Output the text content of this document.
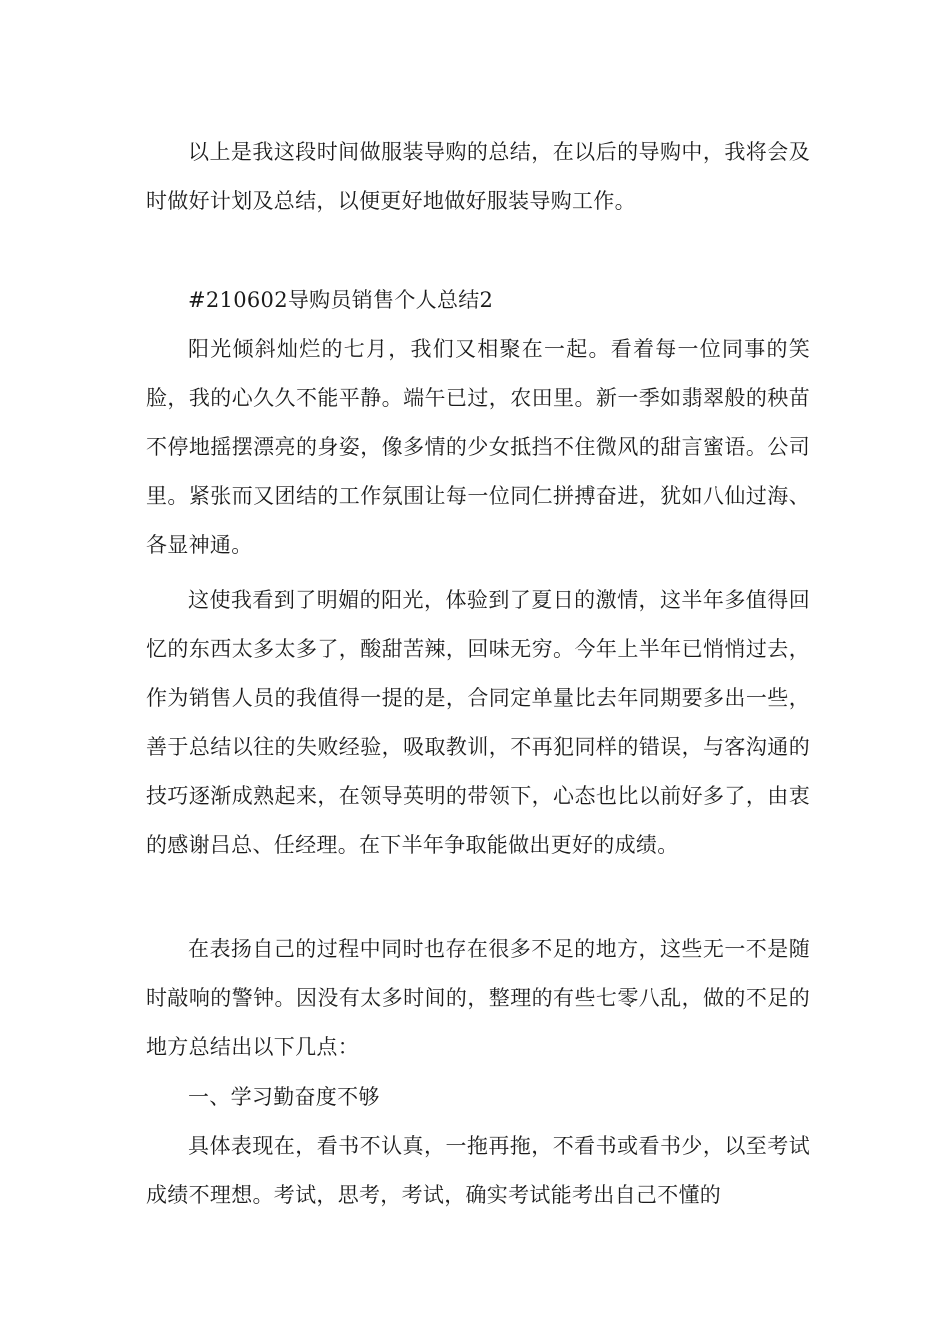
以上是我这段时间做服装导购的总结，在以后的导购中，我将会及时做好计划及总结，以便更好地做好服装导购工作。

#210602导购员销售个人总结2

阳光倾斜灿烂的七月，我们又相聚在一起。看着每一位同事的笑脸，我的心久久不能平静。端午已过，农田里。新一季如翡翠般的秧苗不停地摇摆漂亮的身姿，像多情的少女抵挡不住微风的甜言蜜语。公司里。紧张而又团结的工作氛围让每一位同仁拼搏奋进，犹如八仙过海、各显神通。

这使我看到了明媚的阳光，体验到了夏日的激情，这半年多值得回忆的东西太多太多了，酸甜苦辣，回味无穷。今年上半年已悄悄过去，作为销售人员的我值得一提的是，合同定单量比去年同期要多出一些，善于总结以往的失败经验，吸取教训，不再犯同样的错误，与客沟通的技巧逐渐成熟起来，在领导英明的带领下，心态也比以前好多了，由衷的感谢吕总、任经理。在下半年争取能做出更好的成绩。

在表扬自己的过程中同时也存在很多不足的地方，这些无一不是随时敲响的警钟。因没有太多时间的，整理的有些七零八乱，做的不足的地方总结出以下几点：

一、学习勤奋度不够

具体表现在，看书不认真，一拖再拖，不看书或看书少，以至考试成绩不理想。考试，思考，考试，确实考试能考出自己不懂的
